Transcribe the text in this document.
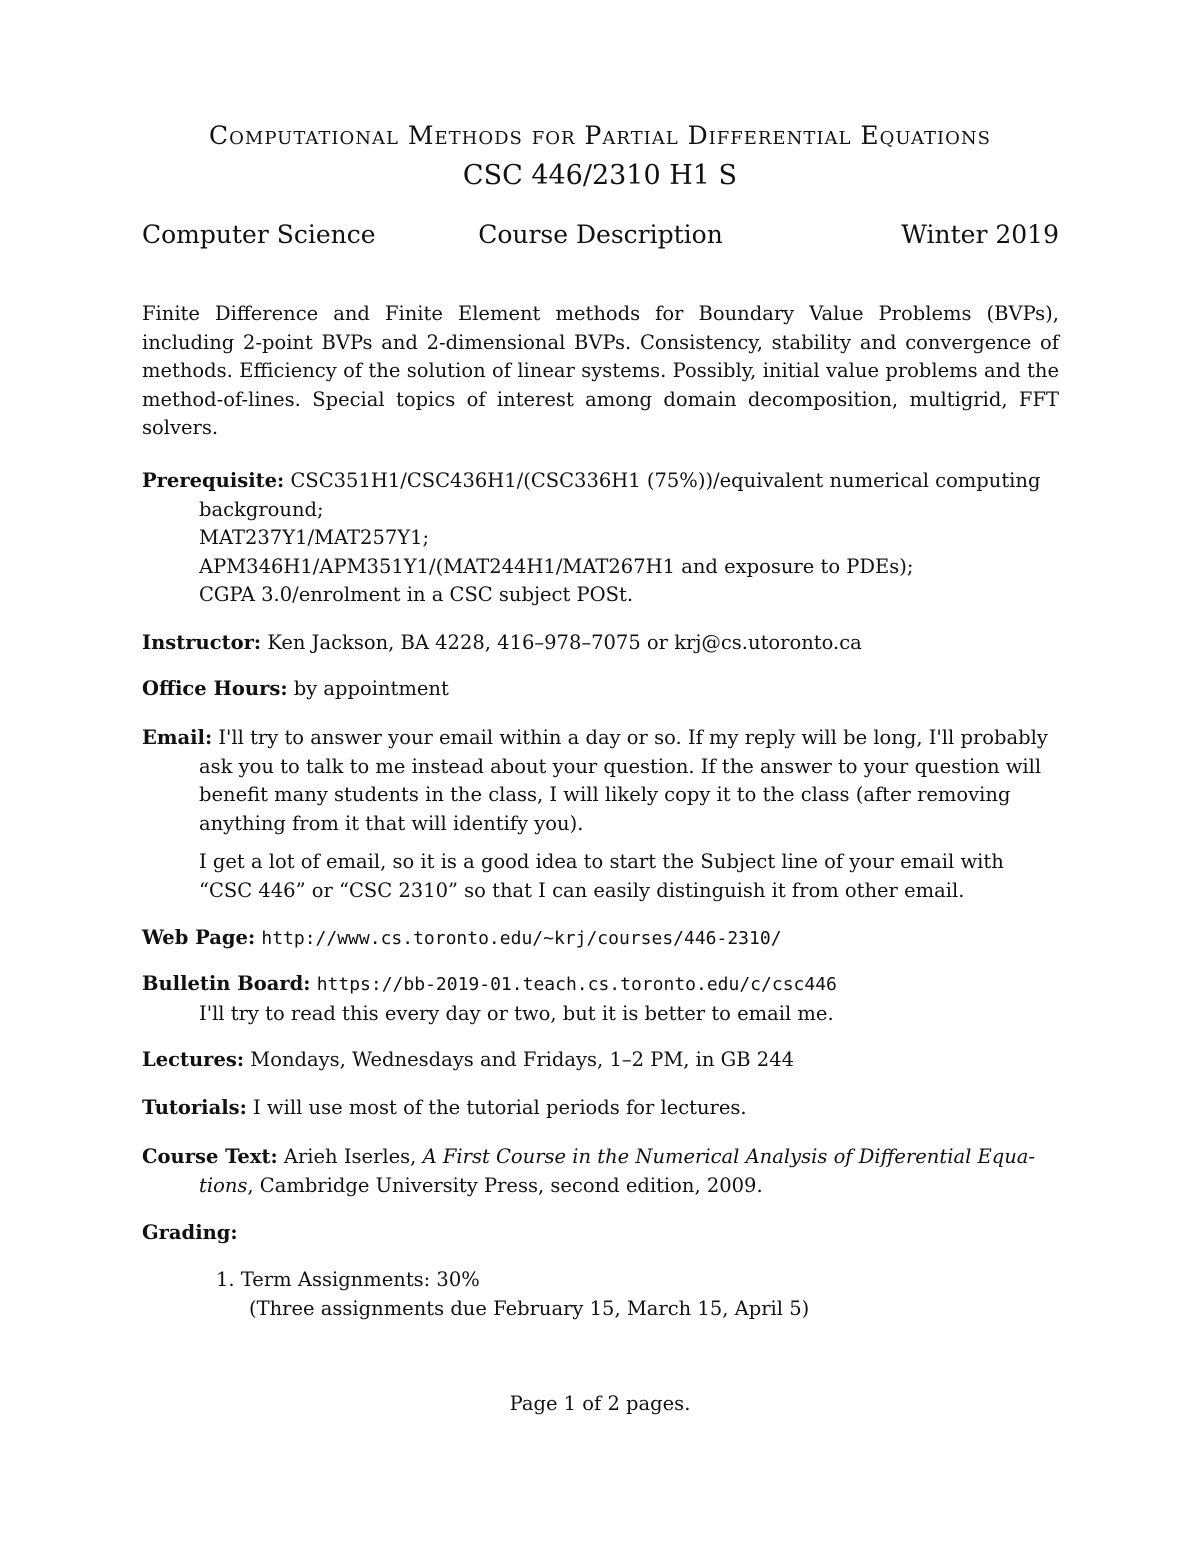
Computational Methods for Partial Differential Equations
CSC 446/2310 H1 S
Computer Science	Course Description	Winter 2019
Finite Difference and Finite Element methods for Boundary Value Problems (BVPs), including 2-point BVPs and 2-dimensional BVPs. Consistency, stability and convergence of methods. Efficiency of the solution of linear systems. Possibly, initial value problems and the method-of-lines. Special topics of interest among domain decomposition, multigrid, FFT solvers.
Prerequisite: CSC351H1/CSC436H1/(CSC336H1 (75%))/equivalent numerical computing
background;
MAT237Y1/MAT257Y1;
APM346H1/APM351Y1/(MAT244H1/MAT267H1 and exposure to PDEs);
CGPA 3.0/enrolment in a CSC subject POSt.
Instructor: Ken Jackson, BA 4228, 416–978–7075 or krj@cs.utoronto.ca
Office Hours: by appointment
Email: I'll try to answer your email within a day or so. If my reply will be long, I'll probably
ask you to talk to me instead about your question. If the answer to your question will
benefit many students in the class, I will likely copy it to the class (after removing
anything from it that will identify you).
I get a lot of email, so it is a good idea to start the Subject line of your email with
“CSC 446” or “CSC 2310” so that I can easily distinguish it from other email.
Web Page: http://www.cs.toronto.edu/~krj/courses/446-2310/
Bulletin Board: https://bb-2019-01.teach.cs.toronto.edu/c/csc446
I'll try to read this every day or two, but it is better to email me.
Lectures: Mondays, Wednesdays and Fridays, 1–2 PM, in GB 244
Tutorials: I will use most of the tutorial periods for lectures.
Course Text: Arieh Iserles, A First Course in the Numerical Analysis of Differential Equa-
tions, Cambridge University Press, second edition, 2009.
Grading:
1. Term Assignments: 30%
(Three assignments due February 15, March 15, April 5)
Page 1 of 2 pages.
